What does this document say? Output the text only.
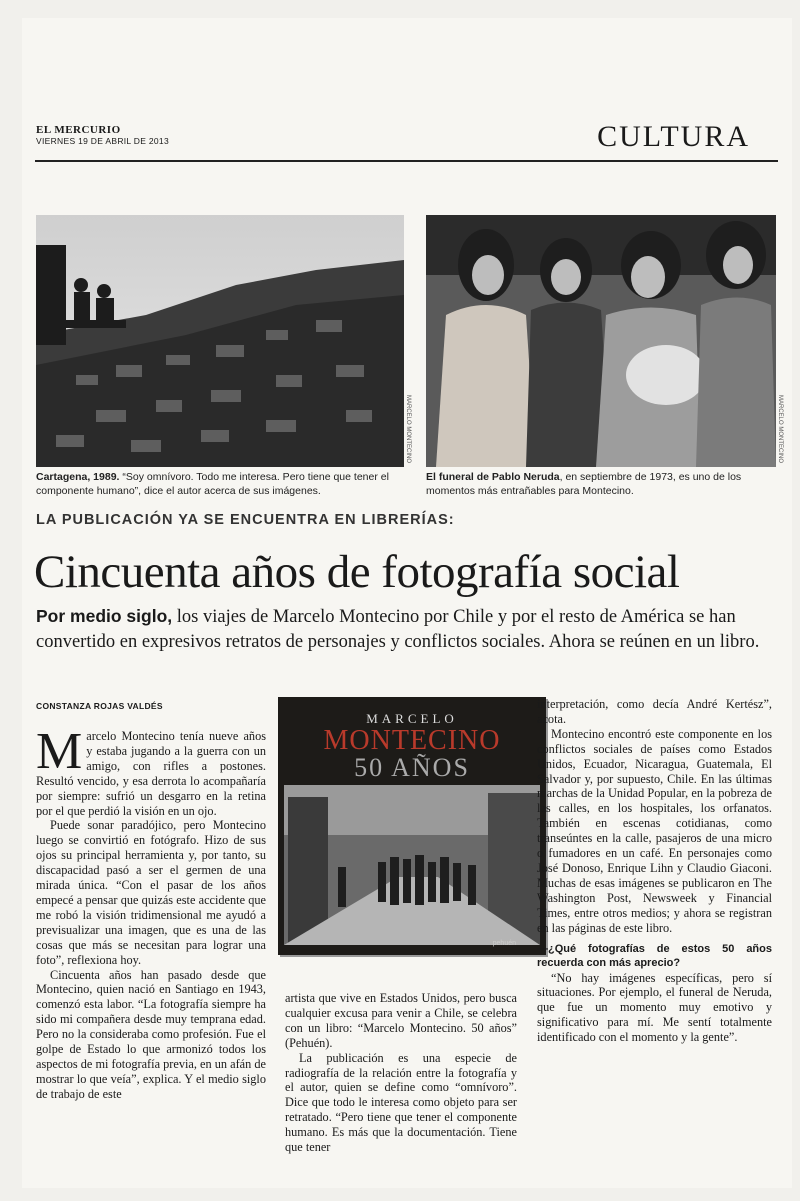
EL MERCURIO
VIERNES 19 DE ABRIL DE 2013	CULTURA
MARCELO MONTECINO	MARCELO MONTECINO
Cartagena, 1989. “Soy omnívoro. Todo me interesa. Pero tiene que tener el componente humano”, dice el autor acerca de sus imágenes.
El funeral de Pablo Neruda, en septiembre de 1973, es uno de los momentos más entrañables para Montecino.
LA PUBLICACIÓN YA SE ENCUENTRA EN LIBRERÍAS:
Cincuenta años de fotografía social
Por medio siglo, los viajes de Marcelo Montecino por Chile y por el resto de América se han convertido en expresivos retratos de personajes y conflictos sociales. Ahora se reúnen en un libro.
CONSTANZA ROJAS VALDÉS

Marcelo Montecino tenía nueve años y estaba jugando a la guerra con un amigo, con rifles a postones. Resultó vencido, y esa derrota lo acompañaría por siempre: sufrió un desgarro en la retina por el que perdió la visión en un ojo.

Puede sonar paradójico, pero Montecino luego se convirtió en fotógrafo. Hizo de sus ojos su principal herramienta y, por tanto, su discapacidad pasó a ser el germen de una mirada única. “Con el pasar de los años empecé a pensar que quizás este accidente que me robó la visión tridimensional me ayudó a previsualizar una imagen, que es una de las cosas que más se necesitan para lograr una foto”, reflexiona hoy.

Cincuenta años han pasado desde que Montecino, quien nació en Santiago en 1943, comenzó esta labor. “La fotografía siempre ha sido mi compañera desde muy temprana edad. Pero no la consideraba como profesión. Fue el golpe de Estado lo que armonizó todos los aspectos de mi fotografía previa, en un afán de mostrar lo que veía”, explica. Y el medio siglo de trabajo de este

MARCELO
MONTECINO
50 AÑOS
pehuén

artista que vive en Estados Unidos, pero busca cualquier excusa para venir a Chile, se celebra con un libro: “Marcelo Montecino. 50 años” (Pehuén).

La publicación es una especie de radiografía de la relación entre la fotografía y el autor, quien se define como “omnívoro”. Dice que todo le interesa como objeto para ser retratado. “Pero tiene que tener el componente humano. Es más que la documentación. Tiene que tener

interpretación, como decía André Kertész”, acota.

Montecino encontró este componente en los conflictos sociales de países como Estados Unidos, Ecuador, Nicaragua, Guatemala, El Salvador y, por supuesto, Chile. En las últimas marchas de la Unidad Popular, en la pobreza de las calles, en los hospitales, los orfanatos. También en escenas cotidianas, como transeúntes en la calle, pasajeros de una micro o fumadores en un café. En personajes como José Donoso, Enrique Lihn y Claudio Giaconi. Muchas de esas imágenes se publicaron en The Washington Post, Newsweek y Financial Times, entre otros medios; y ahora se registran en las páginas de este libro.

—¿Qué fotografías de estos 50 años recuerda con más aprecio?

“No hay imágenes específicas, pero sí situaciones. Por ejemplo, el funeral de Neruda, que fue un momento muy emotivo y significativo para mí. Me sentí totalmente identificado con el momento y la gente”.
